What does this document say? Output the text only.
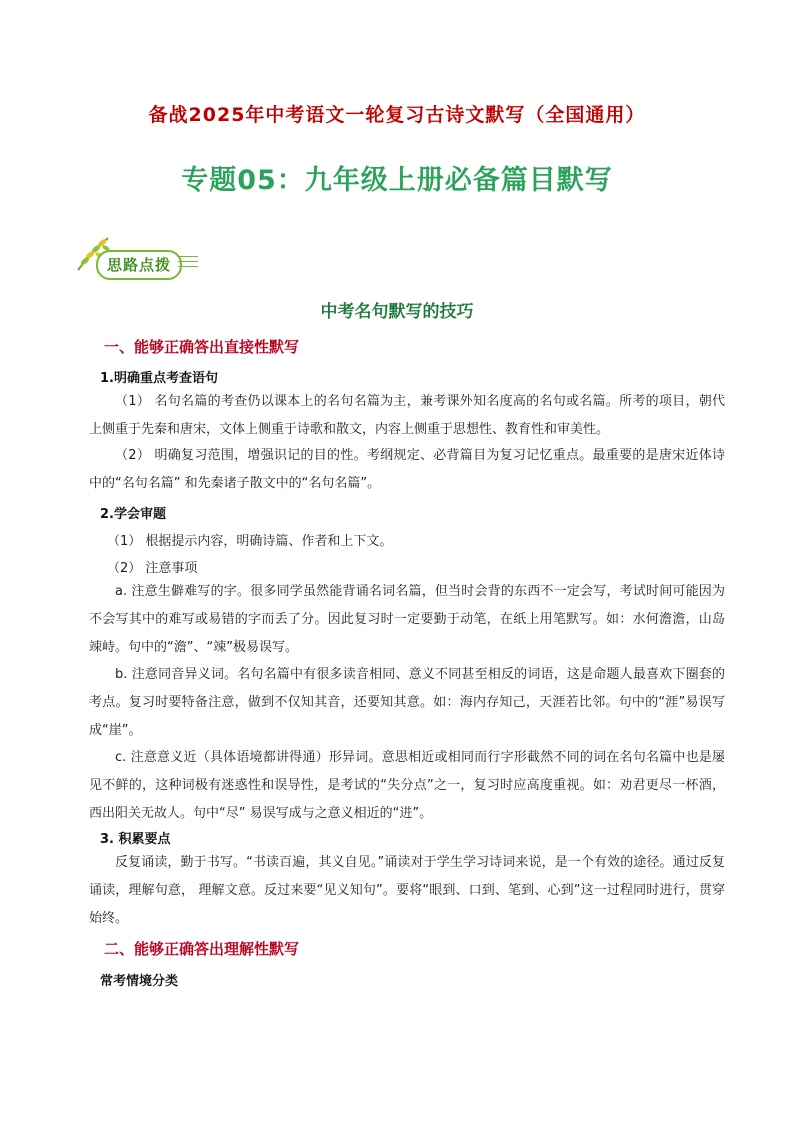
备战2025年中考语文一轮复习古诗文默写（全国通用）
专题05：九年级上册必备篇目默写
思路点拨
中考名句默写的技巧
一、能够正确答出直接性默写
1.明确重点考查语句
（1） 名句名篇的考查仍以课本上的名句名篇为主，兼考课外知名度高的名句或名篇。所考的项目，朝代上侧重于先秦和唐宋，文体上侧重于诗歌和散文，内容上侧重于思想性、教育性和审美性。
（2） 明确复习范围，增强识记的目的性。考纲规定、必背篇目为复习记忆重点。最重要的是唐宋近体诗中的“名句名篇” 和先秦诸子散文中的“名句名篇”。
2.学会审题
（1） 根据提示内容，明确诗篇、作者和上下文。
（2） 注意事项
a. 注意生僻难写的字。很多同学虽然能背诵名词名篇，但当时会背的东西不一定会写，考试时间可能因为不会写其中的难写或易错的字而丢了分。因此复习时一定要勤于动笔，在纸上用笔默写。如：水何澹澹，山岛竦峙。句中的“澹”、“竦”极易误写。
b. 注意同音异义词。名句名篇中有很多读音相同、意义不同甚至相反的词语，这是命题人最喜欢下圈套的考点。复习时要特备注意，做到不仅知其音，还要知其意。如：海内存知己，天涯若比邻。句中的“涯”易误写成“崖”。
c. 注意意义近（具体语境都讲得通）形异词。意思相近或相同而行字形截然不同的词在名句名篇中也是屡见不鲜的，这种词极有迷惑性和误导性，是考试的“失分点”之一，复习时应高度重视。如：劝君更尽一杯酒，西出阳关无故人。句中“尽” 易误写成与之意义相近的“进”。
3. 积累要点
反复诵读，勤于书写。“书读百遍，其义自见。”诵读对于学生学习诗词来说，是一个有效的途径。通过反复诵读，理解句意， 理解文意。反过来要“见义知句”。要将“眼到、口到、笔到、心到”这一过程同时进行，贯穿始终。
二、能够正确答出理解性默写
常考情境分类
